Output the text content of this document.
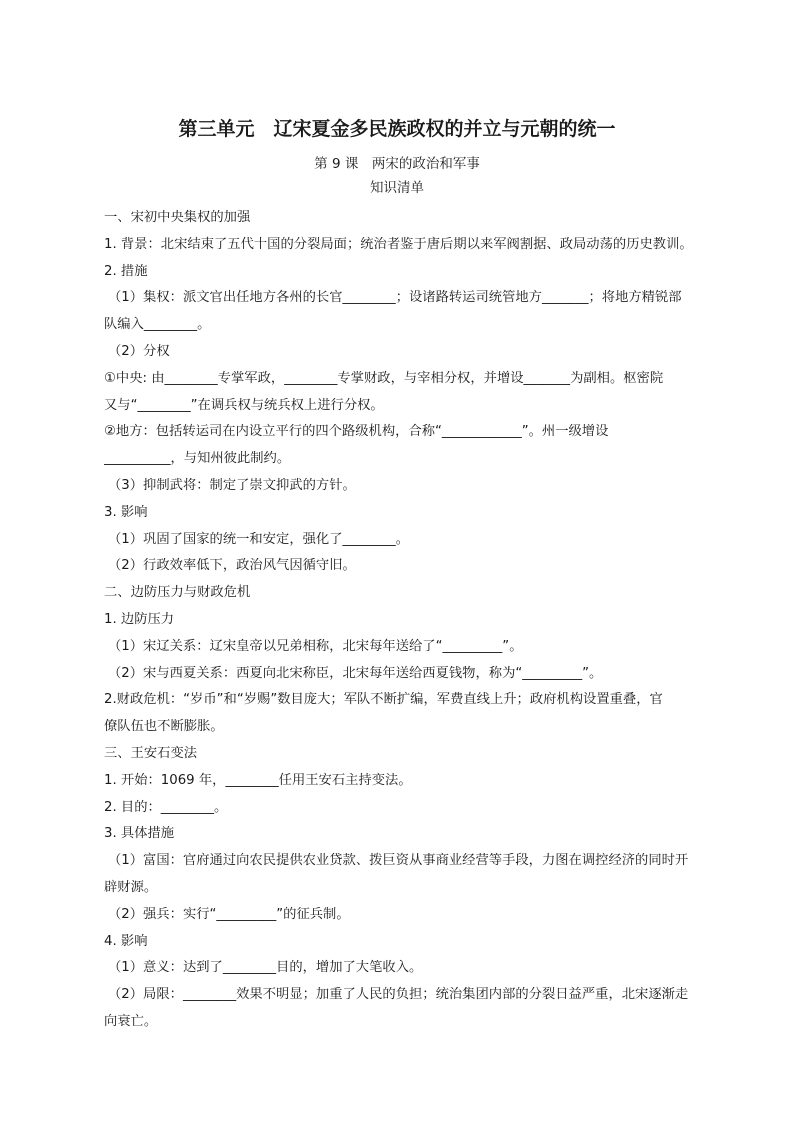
第三单元　辽宋夏金多民族政权的并立与元朝的统一
第 9 课　两宋的政治和军事
知识清单
一、宋初中央集权的加强
1. 背景：北宋结束了五代十国的分裂局面；统治者鉴于唐后期以来军阀割据、政局动荡的历史教训。
2. 措施
（1）集权：派文官出任地方各州的长官________；设诸路转运司统管地方_______；将地方精锐部
队编入________。
（2）分权
①中央: 由________专掌军政，________专掌财政，与宰相分权，并增设_______为副相。枢密院
又与“________”在调兵权与统兵权上进行分权。
②地方：包括转运司在内设立平行的四个路级机构，合称“____________”。州一级增设
__________，与知州彼此制约。
（3）抑制武将：制定了崇文抑武的方针。
3. 影响
（1）巩固了国家的统一和安定，强化了________。
（2）行政效率低下，政治风气因循守旧。
二、边防压力与财政危机
1. 边防压力
（1）宋辽关系：辽宋皇帝以兄弟相称，北宋每年送给了“_________”。
（2）宋与西夏关系：西夏向北宋称臣，北宋每年送给西夏钱物，称为“_________”。
2.财政危机：“岁币”和“岁赐”数目庞大；军队不断扩编，军费直线上升；政府机构设置重叠，官
僚队伍也不断膨胀。
三、王安石变法
1. 开始：1069 年，________任用王安石主持变法。
2. 目的：________。
3. 具体措施
（1）富国：官府通过向农民提供农业贷款、拨巨资从事商业经营等手段，力图在调控经济的同时开
辟财源。
（2）强兵：实行“_________”的征兵制。
4. 影响
（1）意义：达到了________目的，增加了大笔收入。
（2）局限：________效果不明显；加重了人民的负担；统治集团内部的分裂日益严重，北宋逐渐走
向衰亡。
